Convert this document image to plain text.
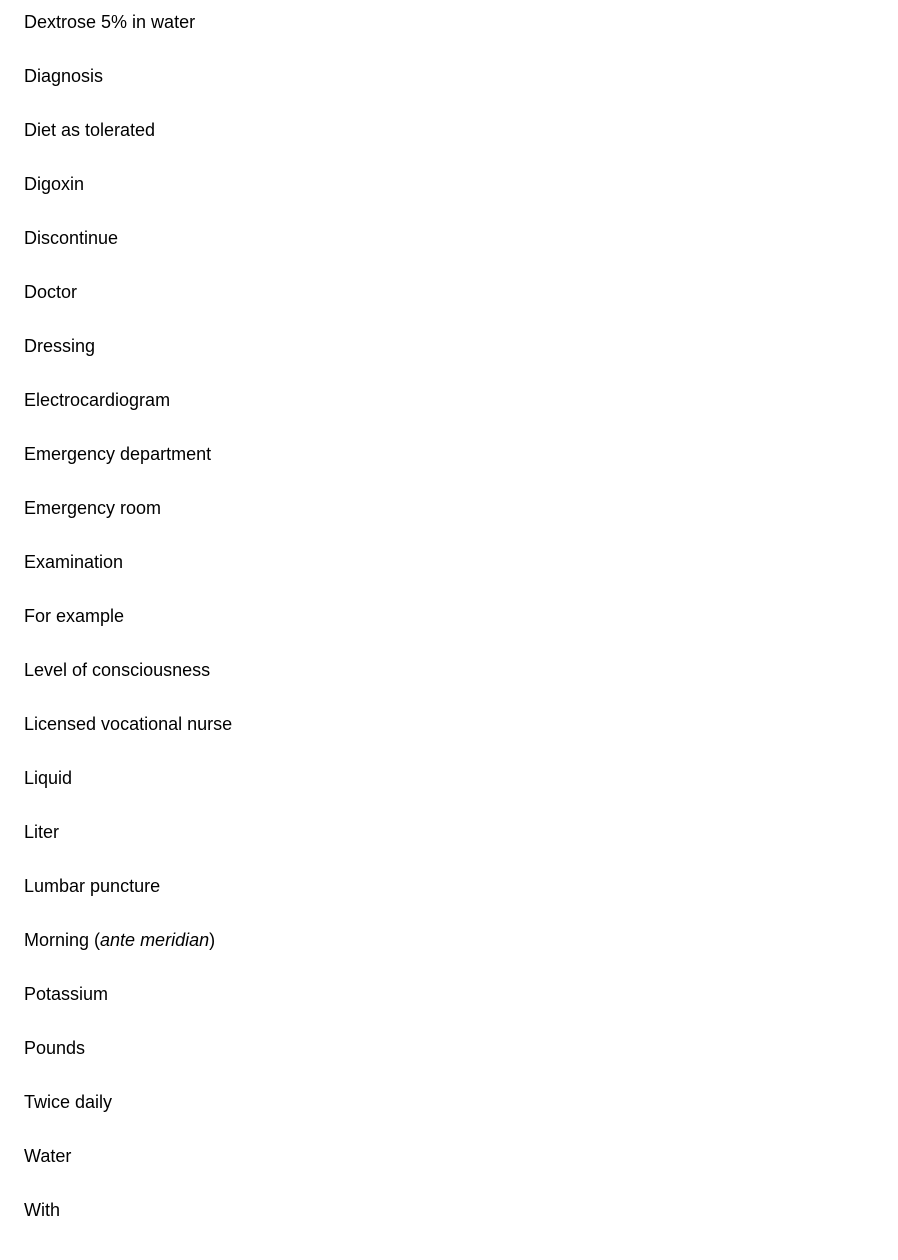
Dextrose 5% in water
Diagnosis
Diet as tolerated
Digoxin
Discontinue
Doctor
Dressing
Electrocardiogram
Emergency department
Emergency room
Examination
For example
Level of consciousness
Licensed vocational nurse
Liquid
Liter
Lumbar puncture
Morning (ante meridian)
Potassium
Pounds
Twice daily
Water
With
